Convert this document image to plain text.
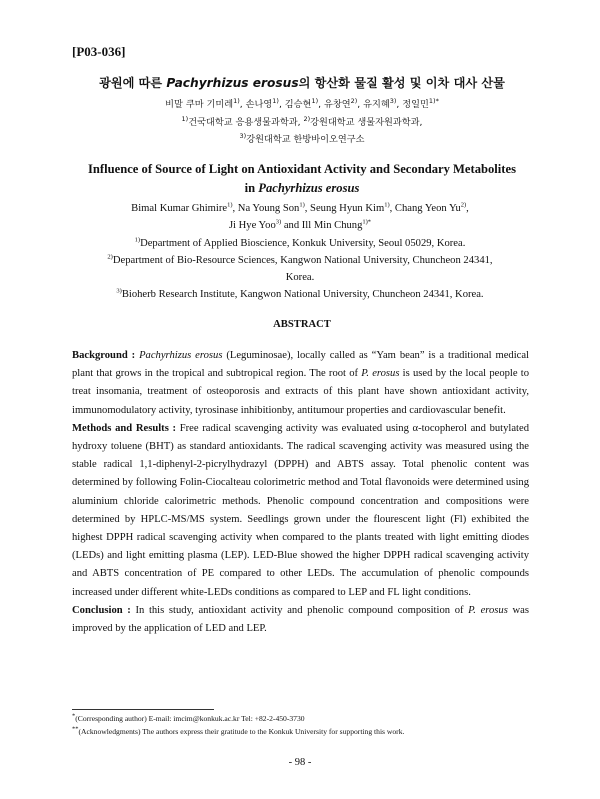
[P03-036]
광원에 따른 Pachyrhizus erosus의 항산화 물질 활성 및 이차 대사 산물
비말 쿠마 기미레$^{1)}$, 손나영$^{1)}$, 김승현$^{1)}$, 유창연$^{2)}$, 유지혜$^{3)}$, 정일민$^{1)*}$
$^{1)}$건국대학교 응용생물과학과, $^{2)}$강원대학교 생물자원과학과,
$^{3)}$강원대학교 한방바이오연구소
Influence of Source of Light on Antioxidant Activity and Secondary Metabolites
in Pachyrhizus erosus
Bimal Kumar Ghimire$^{1)}$, Na Young Son$^{1)}$, Seung Hyun Kim$^{1)}$, Chang Yeon Yu$^{2)}$,
Ji Hye Yoo$^{3)}$ and Ill Min Chung$^{1)*}$
$^{1)}$Department of Applied Bioscience, Konkuk University, Seoul 05029, Korea.
$^{2)}$Department of Bio-Resource Sciences, Kangwon National University, Chuncheon 24341,
Korea.
$^{3)}$Bioherb Research Institute, Kangwon National University, Chuncheon 24341, Korea.
ABSTRACT

Background : Pachyrhizus erosus (Leguminosae), locally called as “Yam bean” is a traditional medical plant that grows in the tropical and subtropical region. The root of P. erosus is used by the local people to treat insomania, treatment of osteoporosis and extracts of this plant have shown antioxidant activity, immunomodulatory activity, tyrosinase inhibitionby, antitumour properties and cardiovascular benefit.

Methods and Results : Free radical scavenging activity was evaluated using α-tocopherol and butylated hydroxy toluene (BHT) as standard antioxidants. The radical scavenging activity was measured using the stable radical 1,1-diphenyl-2-picrylhydrazyl (DPPH) and ABTS assay. Total phenolic content was determined by following Folin-Ciocalteau colorimetric method and Total flavonoids were determined using aluminium chloride calorimetric methods. Phenolic compound concentration and compositions were determined by HPLC-MS/MS system. Seedlings grown under the flourescent light (Fl) exhibited the highest DPPH radical scavenging activity when compared to the plants treated with light emitting diodes (LEDs) and light emitting plasma (LEP). LED-Blue showed the higher DPPH radical scavenging activity and ABTS concentration of PE compared to other LEDs. The accumulation of phenolic compounds increased under different white-LEDs conditions as compared to LEP and FL light conditions.

Conclusion : In this study, antioxidant activity and phenolic compound composition of P. erosus was improved by the application of LED and LEP.

*(Corresponding author) E-mail: imcim@konkuk.ac.kr Tel: +82-2-450-3730
**(Acknowledgments) The authors express their gratitude to the Konkuk University for supporting this work.
- 98 -
